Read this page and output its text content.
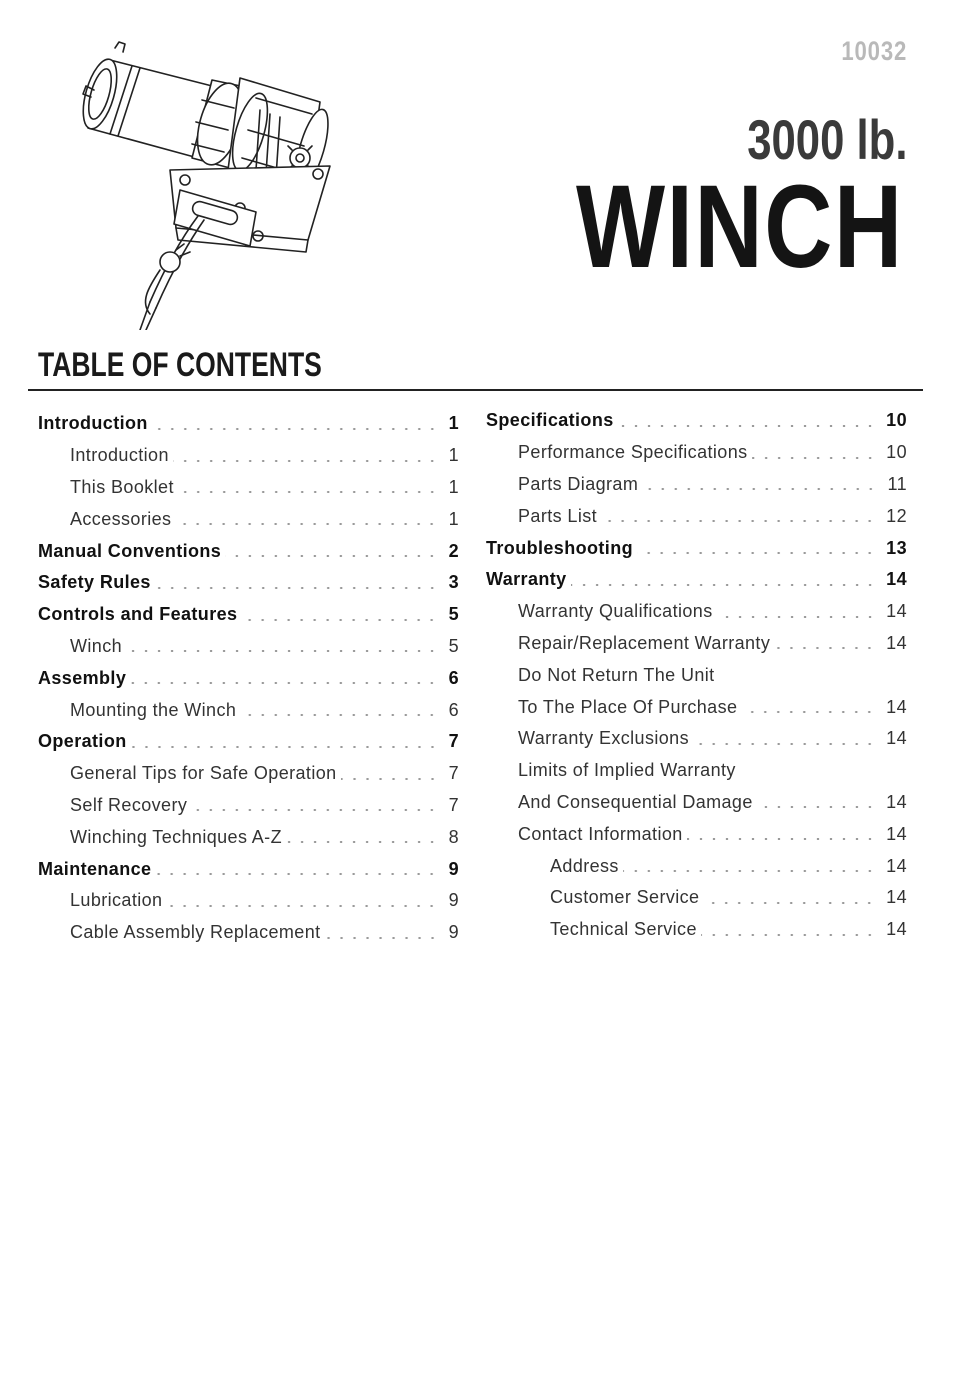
10032
3000 lb.
WINCH
TABLE OF CONTENTS
Introduction	1
Introduction	1
This Booklet	1
Accessories	1
Manual Conventions	2
Safety Rules	3
Controls and Features	5
Winch	5
Assembly	6
Mounting the Winch	6
Operation	7
General Tips for Safe Operation	7
Self Recovery	7
Winching Techniques A-Z	8
Maintenance	9
Lubrication	9
Cable Assembly Replacement	9
Specifications	10
Performance Specifications	10
Parts Diagram	11
Parts List	12
Troubleshooting	13
Warranty	14
Warranty Qualifications	14
Repair/Replacement Warranty	14
Do Not Return The Unit
To The Place Of Purchase	14
Warranty Exclusions	14
Limits of Implied Warranty
And Consequential Damage	14
Contact Information	14
Address	14
Customer Service	14
Technical Service	14
